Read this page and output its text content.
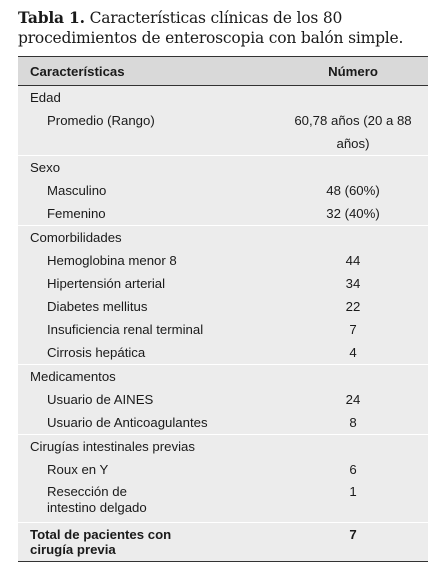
Tabla 1. Características clínicas de los 80 procedimientos de enteroscopia con balón simple.

Características	Número
Edad	
Promedio (Rango)	60,78 años (20 a 88 años)

Sexo	
Masculino	48 (60%)
Femenino	32 (40%)

Comorbilidades	
Hemoglobina menor 8	44
Hipertensión arterial	34
Diabetes mellitus	22
Insuficiencia renal terminal	7
Cirrosis hepática	4

Medicamentos	
Usuario de AINES	24
Usuario de Anticoagulantes	8

Cirugías intestinales previas	
Roux en Y	6
Resección de intestino delgado	1

Total de pacientes con cirugía previa	7
